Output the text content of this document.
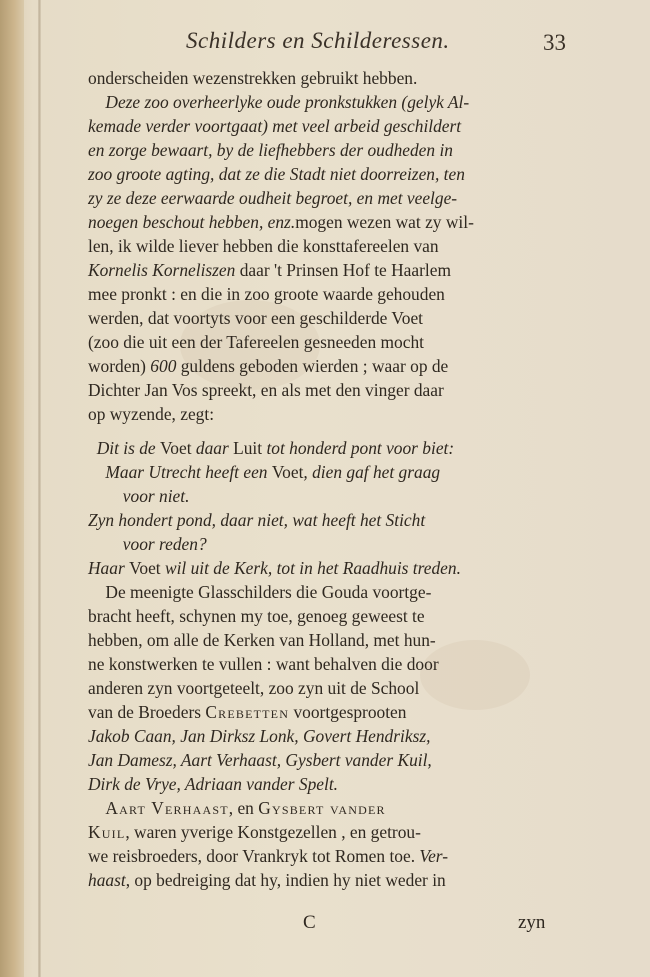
Schilders en Schilderessen.	33
onderscheiden wezenstrekken gebruikt hebben.
Deze zoo overheerlyke oude pronkstukken (gelyk Al-
kemade verder voortgaat) met veel arbeid geschildert
en zorge bewaart, by de liefhebbers der oudheden in
zoo groote agting, dat ze die Stadt niet doorreizen, ten
zy ze deze eerwaarde oudheit begroet, en met veelge-
noegen beschout hebben, enz.mogen wezen wat zy wil-
len, ik wilde liever hebben die konsttafereelen van
Kornelis Korneliszen daar 't Prinsen Hof te Haarlem
mee pronkt : en die in zoo groote waarde gehouden
werden, dat voortyts voor een geschilderde Voet
(zoo die uit een der Tafereelen gesneeden mocht
worden) 600 guldens geboden wierden ; waar op de
Dichter Jan Vos spreekt, en als met den vinger daar
op wyzende, zegt:
Dit is de Voet daar Luit tot honderd pont voor biet:
Maar Utrecht heeft een Voet, dien gaf het graag
voor niet.
Zyn hondert pond, daar niet, wat heeft het Sticht
voor reden?
Haar Voet wil uit de Kerk, tot in het Raadhuis treden.
De meenigte Glasschilders die Gouda voortge-
bracht heeft, schynen my toe, genoeg geweest te
hebben, om alle de Kerken van Holland, met hun-
ne konstwerken te vullen : want behalven die door
anderen zyn voortgeteelt, zoo zyn uit de School
van de Broeders Crebetten voortgesprooten
Jakob Caan, Jan Dirksz Lonk, Govert Hendriksz,
Jan Damesz, Aart Verhaast, Gysbert vander Kuil,
Dirk de Vrye, Adriaan vander Spelt.
Aart Verhaast, en Gysbert vander
Kuil, waren yverige Konstgezellen , en getrou-
we reisbroeders, door Vrankryk tot Romen toe. Ver-
haast, op bedreiging dat hy, indien hy niet weder in
C	zyn
